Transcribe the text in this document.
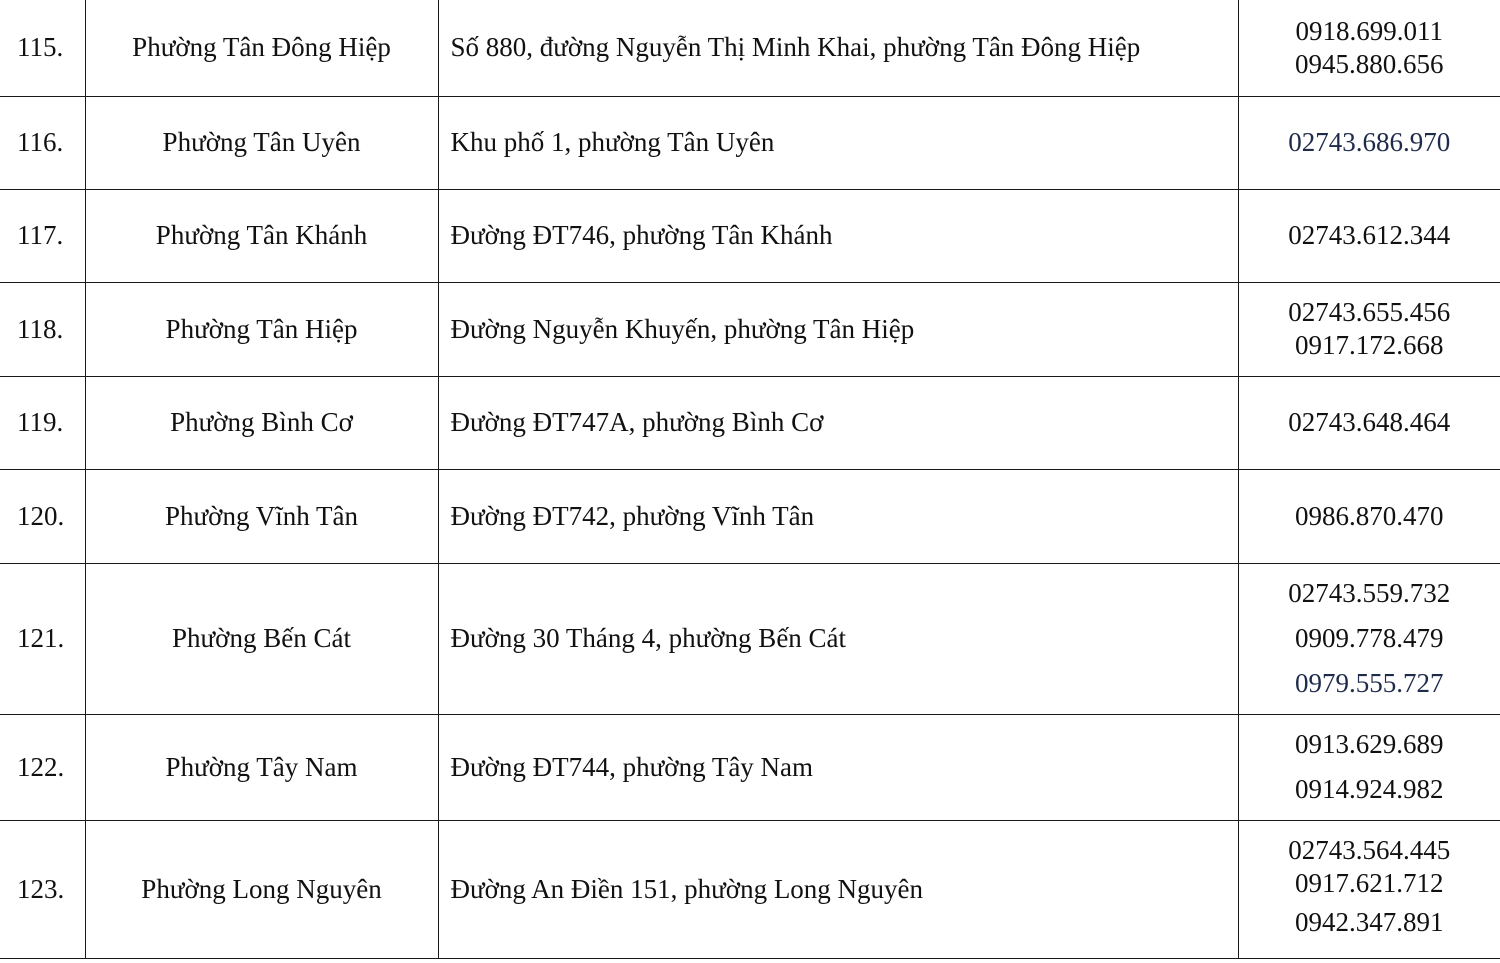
115.	Phường Tân Đông Hiệp	Số 880, đường Nguyễn Thị Minh Khai, phường Tân Đông Hiệp	0918.699.011
0945.880.656

116.	Phường Tân Uyên	Khu phố 1, phường Tân Uyên	02743.686.970

117.	Phường Tân Khánh	Đường ĐT746, phường Tân Khánh	02743.612.344

118.	Phường Tân Hiệp	Đường Nguyễn Khuyến, phường Tân Hiệp	02743.655.456
0917.172.668

119.	Phường Bình Cơ	Đường ĐT747A, phường Bình Cơ	02743.648.464

120.	Phường Vĩnh Tân	Đường ĐT742, phường Vĩnh Tân	0986.870.470

121.	Phường Bến Cát	Đường 30 Tháng 4, phường Bến Cát	02743.559.732
0909.778.479
0979.555.727

122.	Phường Tây Nam	Đường ĐT744, phường Tây Nam	0913.629.689
0914.924.982

123.	Phường Long Nguyên	Đường An Điền 151, phường Long Nguyên	02743.564.445
0917.621.712
0942.347.891
